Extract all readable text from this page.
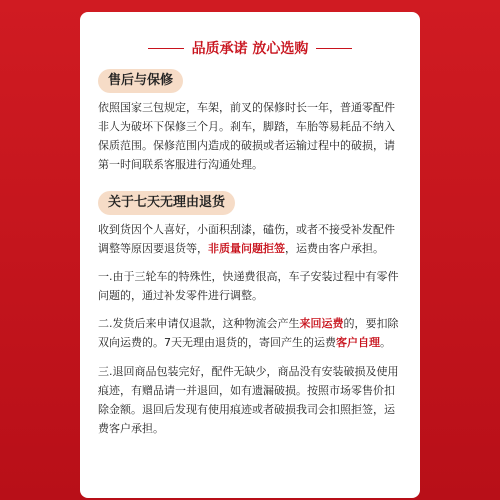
品质承诺 放心选购
售后与保修
依照国家三包规定，车架，前叉的保修时长一年，普通零配件非人为破坏下保修三个月。刹车，脚踏，车胎等易耗品不纳入保质范围。保修范围内造成的破损或者运输过程中的破损，请第一时间联系客服进行沟通处理。
关于七天无理由退货
收到货因个人喜好，小面积刮漆，磕伤，或者不接受补发配件调整等原因要退货等，非质量问题拒签，运费由客户承担。
一.由于三轮车的特殊性，快递费很高，车子安装过程中有零件问题的，通过补发零件进行调整。
二.发货后来申请仅退款，这种物流会产生来回运费的，要扣除双向运费的。7天无理由退货的，寄回产生的运费客户自理。
三.退回商品包装完好，配件无缺少，商品没有安装破损及使用痕迹，有赠品请一并退回，如有遗漏破损。按照市场零售价扣除金额。退回后发现有使用痕迹或者破损我司会扣照拒签，运费客户承担。
